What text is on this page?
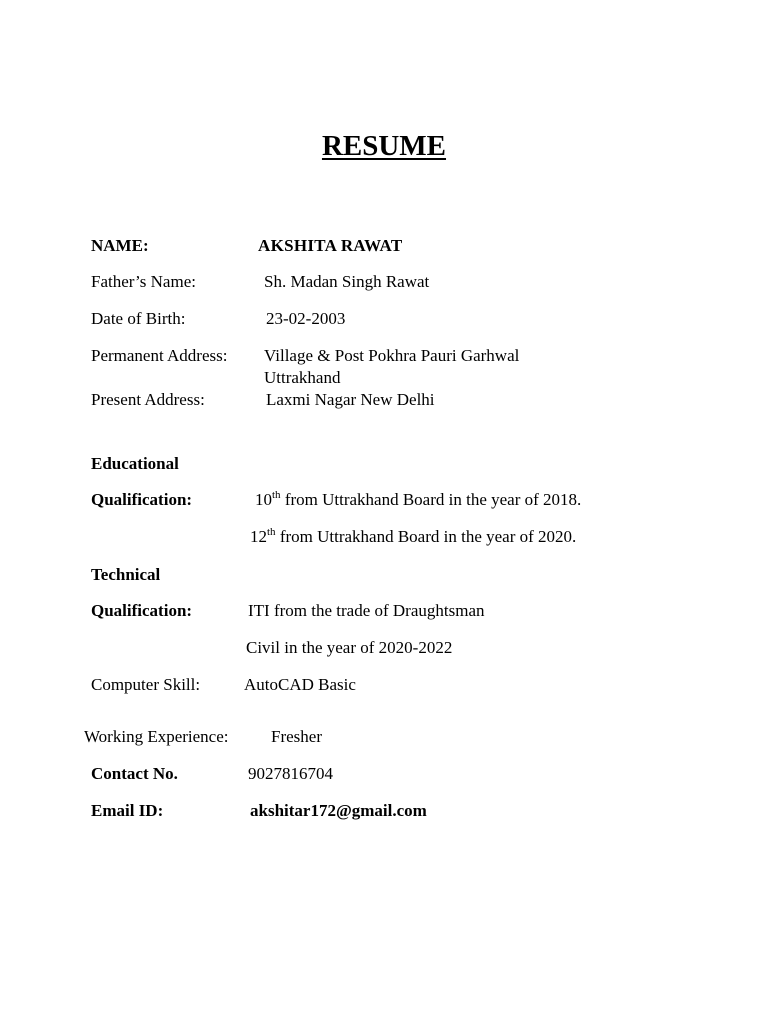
RESUME
NAME:	AKSHITA RAWAT
Father’s Name:	Sh. Madan Singh Rawat
Date of Birth:	23-02-2003
Permanent Address: Village & Post Pokhra Pauri Garhwal
Uttrakhand
Present Address:	Laxmi Nagar New Delhi
Educational
Qualification:	10th from Uttrakhand Board in the year of 2018.
12th from Uttrakhand Board in the year of 2020.
Technical
Qualification:	ITI from the trade of Draughtsman
Civil in the year of 2020-2022
Computer Skill:	AutoCAD Basic
Working Experience:	Fresher
Contact No.	9027816704
Email ID:	akshitar172@gmail.com
